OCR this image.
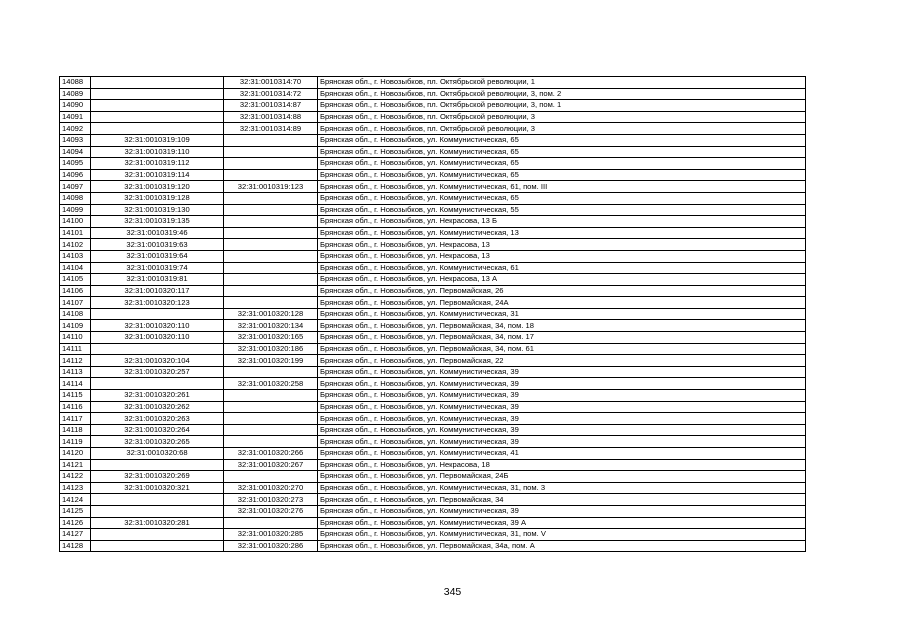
14088		32:31:0010314:70	Брянская обл., г. Новозыбков, пл. Октябрьской революции, 1
14089		32:31:0010314:72	Брянская обл., г. Новозыбков, пл. Октябрьской революции, 3, пом. 2
14090		32:31:0010314:87	Брянская обл., г. Новозыбков, пл. Октябрьской революции, 3, пом. 1
14091		32:31:0010314:88	Брянская обл., г. Новозыбков, пл. Октябрьской революции, 3
14092		32:31:0010314:89	Брянская обл., г. Новозыбков, пл. Октябрьской революции, 3
14093	32:31:0010319:109		Брянская обл., г. Новозыбков, ул. Коммунистическая, 65
14094	32:31:0010319:110		Брянская обл., г. Новозыбков, ул. Коммунистическая, 65
14095	32:31:0010319:112		Брянская обл., г. Новозыбков, ул. Коммунистическая, 65
14096	32:31:0010319:114		Брянская обл., г. Новозыбков, ул. Коммунистическая, 65
14097	32:31:0010319:120	32:31:0010319:123	Брянская обл., г. Новозыбков, ул. Коммунистическая, 61, пом. III
14098	32:31:0010319:128		Брянская обл., г. Новозыбков, ул. Коммунистическая, 65
14099	32:31:0010319:130		Брянская обл., г. Новозыбков, ул. Коммунистическая, 55
14100	32:31:0010319:135		Брянская обл., г. Новозыбков, ул. Некрасова, 13 Б
14101	32:31:0010319:46		Брянская обл., г. Новозыбков, ул. Коммунистическая, 13
14102	32:31:0010319:63		Брянская обл., г. Новозыбков, ул. Некрасова, 13
14103	32:31:0010319:64		Брянская обл., г. Новозыбков, ул. Некрасова, 13
14104	32:31:0010319:74		Брянская обл., г. Новозыбков, ул. Коммунистическая, 61
14105	32:31:0010319:81		Брянская обл., г. Новозыбков, ул. Некрасова, 13 А
14106	32:31:0010320:117		Брянская обл., г. Новозыбков, ул. Первомайская, 26
14107	32:31:0010320:123		Брянская обл., г. Новозыбков, ул. Первомайская, 24А
14108		32:31:0010320:128	Брянская обл., г. Новозыбков, ул. Коммунистическая, 31
14109	32:31:0010320:110	32:31:0010320:134	Брянская обл., г. Новозыбков, ул. Первомайская, 34, пом. 18
14110	32:31:0010320:110	32:31:0010320:165	Брянская обл., г. Новозыбков, ул. Первомайская, 34, пом. 17
14111		32:31:0010320:186	Брянская обл., г. Новозыбков, ул. Первомайская, 34, пом. 61
14112	32:31:0010320:104	32:31:0010320:199	Брянская обл., г. Новозыбков, ул. Первомайская, 22
14113	32:31:0010320:257		Брянская обл., г. Новозыбков, ул. Коммунистическая, 39
14114		32:31:0010320:258	Брянская обл., г. Новозыбков, ул. Коммунистическая, 39
14115	32:31:0010320:261		Брянская обл., г. Новозыбков, ул. Коммунистическая, 39
14116	32:31:0010320:262		Брянская обл., г. Новозыбков, ул. Коммунистическая, 39
14117	32:31:0010320:263		Брянская обл., г. Новозыбков, ул. Коммунистическая, 39
14118	32:31:0010320:264		Брянская обл., г. Новозыбков, ул. Коммунистическая, 39
14119	32:31:0010320:265		Брянская обл., г. Новозыбков, ул. Коммунистическая, 39
14120	32:31:0010320:68	32:31:0010320:266	Брянская обл., г. Новозыбков, ул. Коммунистическая, 41
14121		32:31:0010320:267	Брянская обл., г. Новозыбков, ул. Некрасова, 18
14122	32:31:0010320:269		Брянская обл., г. Новозыбков, ул. Первомайская, 24Б
14123	32:31:0010320:321	32:31:0010320:270	Брянская обл., г. Новозыбков, ул. Коммунистическая, 31, пом. 3
14124		32:31:0010320:273	Брянская обл., г. Новозыбков, ул. Первомайская, 34
14125		32:31:0010320:276	Брянская обл., г. Новозыбков, ул. Коммунистическая, 39
14126	32:31:0010320:281		Брянская обл., г. Новозыбков, ул. Коммунистическая, 39 А
14127		32:31:0010320:285	Брянская обл., г. Новозыбков, ул. Коммунистическая, 31, пом. V
14128		32:31:0010320:286	Брянская обл., г. Новозыбков, ул. Первомайская, 34а, пом. А
345
